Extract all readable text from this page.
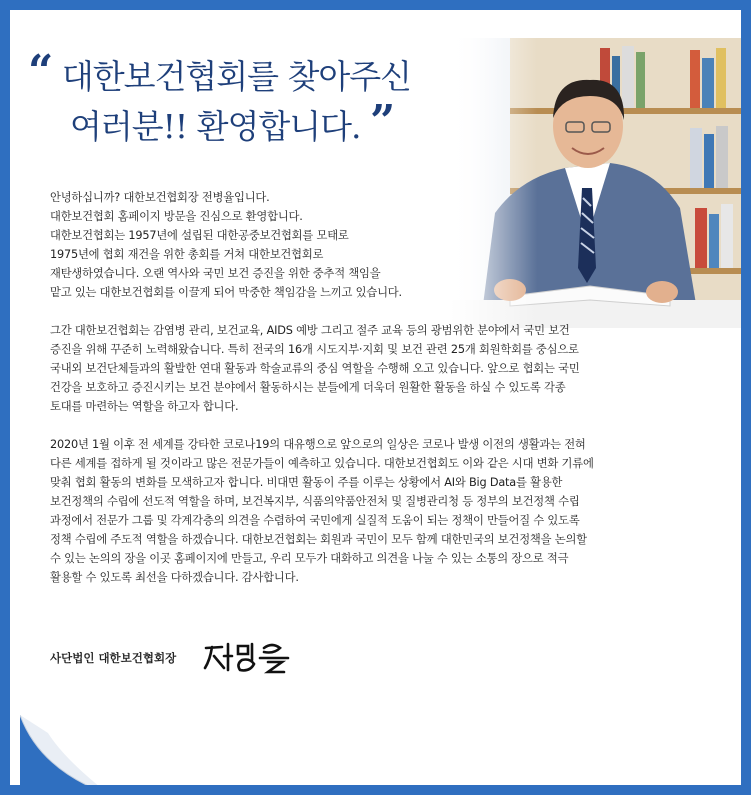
“ 대한보건협회를 찾아주신
여러분!! 환영합니다. ”

안녕하십니까? 대한보건협회장 전병율입니다.
대한보건협회 홈페이지 방문을 진심으로 환영합니다.
대한보건협회는 1957년에 설립된 대한공중보건협회를 모태로
1975년에 협회 재건을 위한 총회를 거쳐 대한보건협회로
재탄생하였습니다. 오랜 역사와 국민 보건 증진을 위한 중추적 책임을
맡고 있는 대한보건협회를 이끌게 되어 막중한 책임감을 느끼고 있습니다.

그간 대한보건협회는 감염병 관리, 보건교육, AIDS 예방 그리고 절주 교육 등의 광범위한 분야에서 국민 보건
증진을 위해 꾸준히 노력해왔습니다. 특히 전국의 16개 시도지부·지회 및 보건 관련 25개 회원학회를 중심으로
국내외 보건단체들과의 활발한 연대 활동과 학술교류의 중심 역할을 수행해 오고 있습니다. 앞으로 협회는 국민
건강을 보호하고 증진시키는 보건 분야에서 활동하시는 분들에게 더욱더 원활한 활동을 하실 수 있도록 각종
토대를 마련하는 역할을 하고자 합니다.

2020년 1월 이후 전 세계를 강타한 코로나19의 대유행으로 앞으로의 일상은 코로나 발생 이전의 생활과는 전혀
다른 세계를 접하게 될 것이라고 많은 전문가들이 예측하고 있습니다. 대한보건협회도 이와 같은 시대 변화 기류에
맞춰 협회 활동의 변화를 모색하고자 합니다. 비대면 활동이 주를 이루는 상황에서 AI와 Big Data를 활용한
보건정책의 수립에 선도적 역할을 하며, 보건복지부, 식품의약품안전처 및 질병관리청 등 정부의 보건정책 수립
과정에서 전문가 그룹 및 각계각층의 의견을 수렴하여 국민에게 실질적 도움이 되는 정책이 만들어질 수 있도록
정책 수립에 주도적 역할을 하겠습니다. 대한보건협회는 회원과 국민이 모두 함께 대한민국의 보건정책을 논의할
수 있는 논의의 장을 이곳 홈페이지에 만들고, 우리 모두가 대화하고 의견을 나눌 수 있는 소통의 장으로 적극
활용할 수 있도록 최선을 다하겠습니다. 감사합니다.

사단법인 대한보건협회장
